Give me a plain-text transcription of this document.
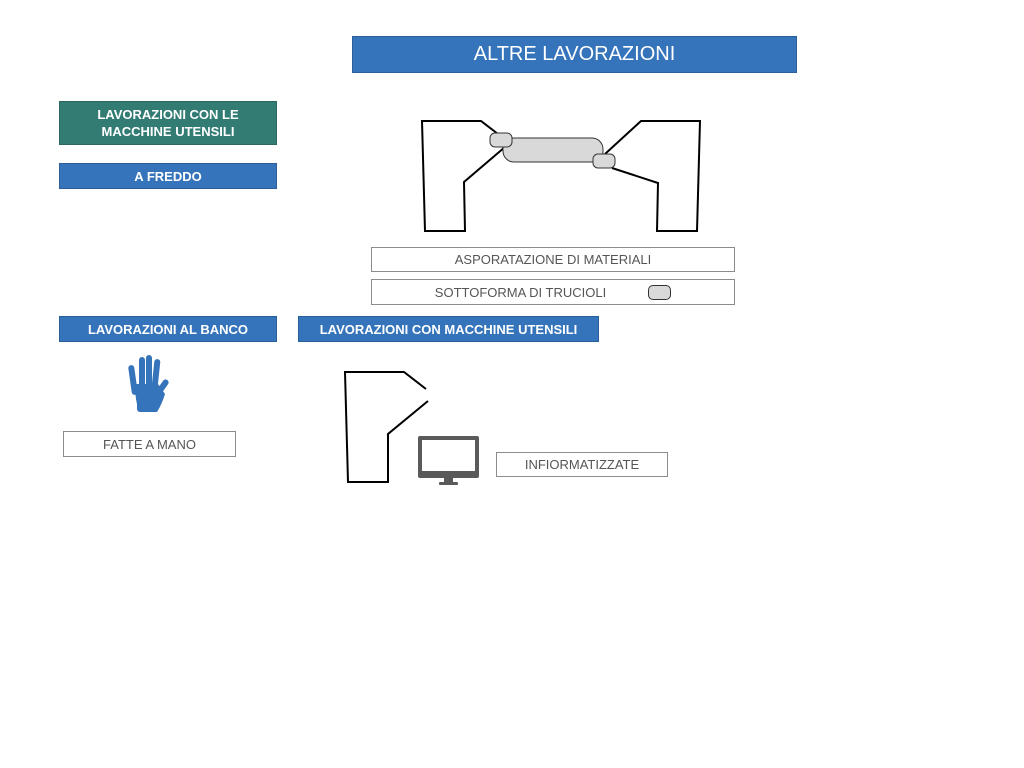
ALTRE LAVORAZIONI
LAVORAZIONI CON LE
MACCHINE UTENSILI
A FREDDO
ASPORATAZIONE DI MATERIALI
SOTTOFORMA DI TRUCIOLI
LAVORAZIONI AL BANCO	LAVORAZIONI CON MACCHINE UTENSILI
FATTE A MANO
INFIORMATIZZATE
